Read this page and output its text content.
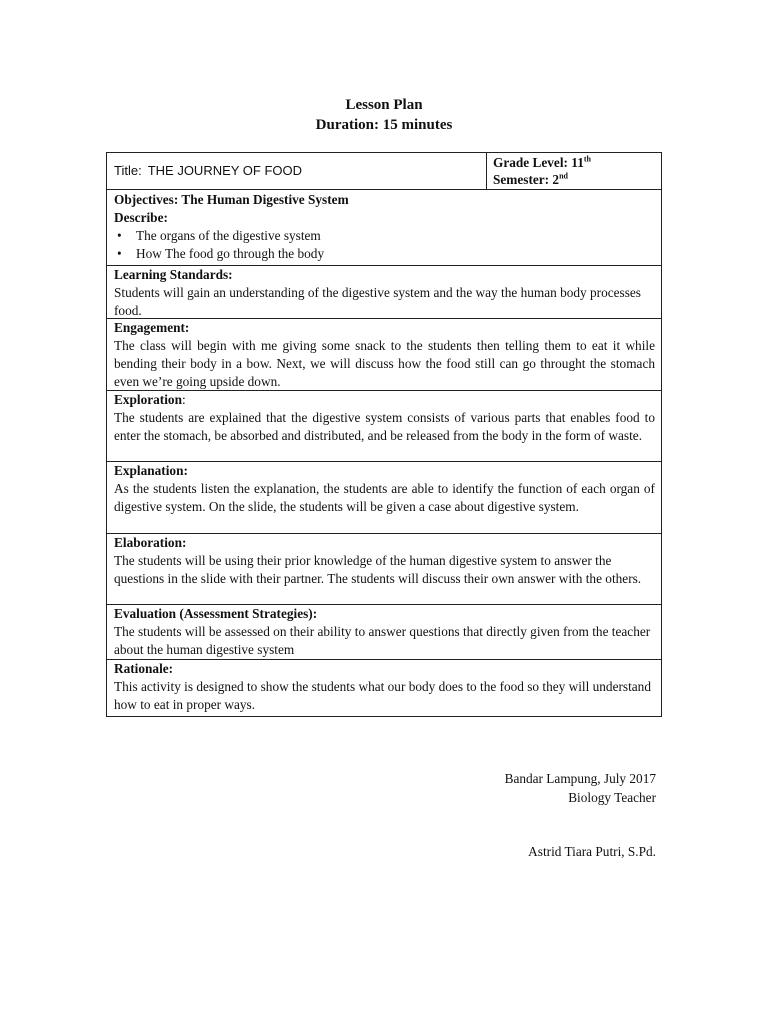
Lesson Plan
Duration: 15 minutes
Title: THE JOURNEY OF FOOD
Grade Level: 11th
Semester: 2nd
Objectives: The Human Digestive System
Describe:
• The organs of the digestive system
• How The food go through the body
Learning Standards:
Students will gain an understanding of the digestive system and the way the human body processes food.
Engagement:
The class will begin with me giving some snack to the students then telling them to eat it while bending their body in a bow. Next, we will discuss how the food still can go throught the stomach even we’re going upside down.
Exploration:
The students are explained that the digestive system consists of various parts that enables food to enter the stomach, be absorbed and distributed, and be released from the body in the form of waste.
Explanation:
As the students listen the explanation, the students are able to identify the function of each organ of digestive system. On the slide, the students will be given a case about digestive system.
Elaboration:
The students will be using their prior knowledge of the human digestive system to answer the questions in the slide with their partner. The students will discuss their own answer with the others.
Evaluation (Assessment Strategies):
The students will be assessed on their ability to answer questions that directly given from the teacher about the human digestive system
Rationale:
This activity is designed to show the students what our body does to the food so they will understand how to eat in proper ways.
Bandar Lampung, July 2017
Biology Teacher
Astrid Tiara Putri, S.Pd.
